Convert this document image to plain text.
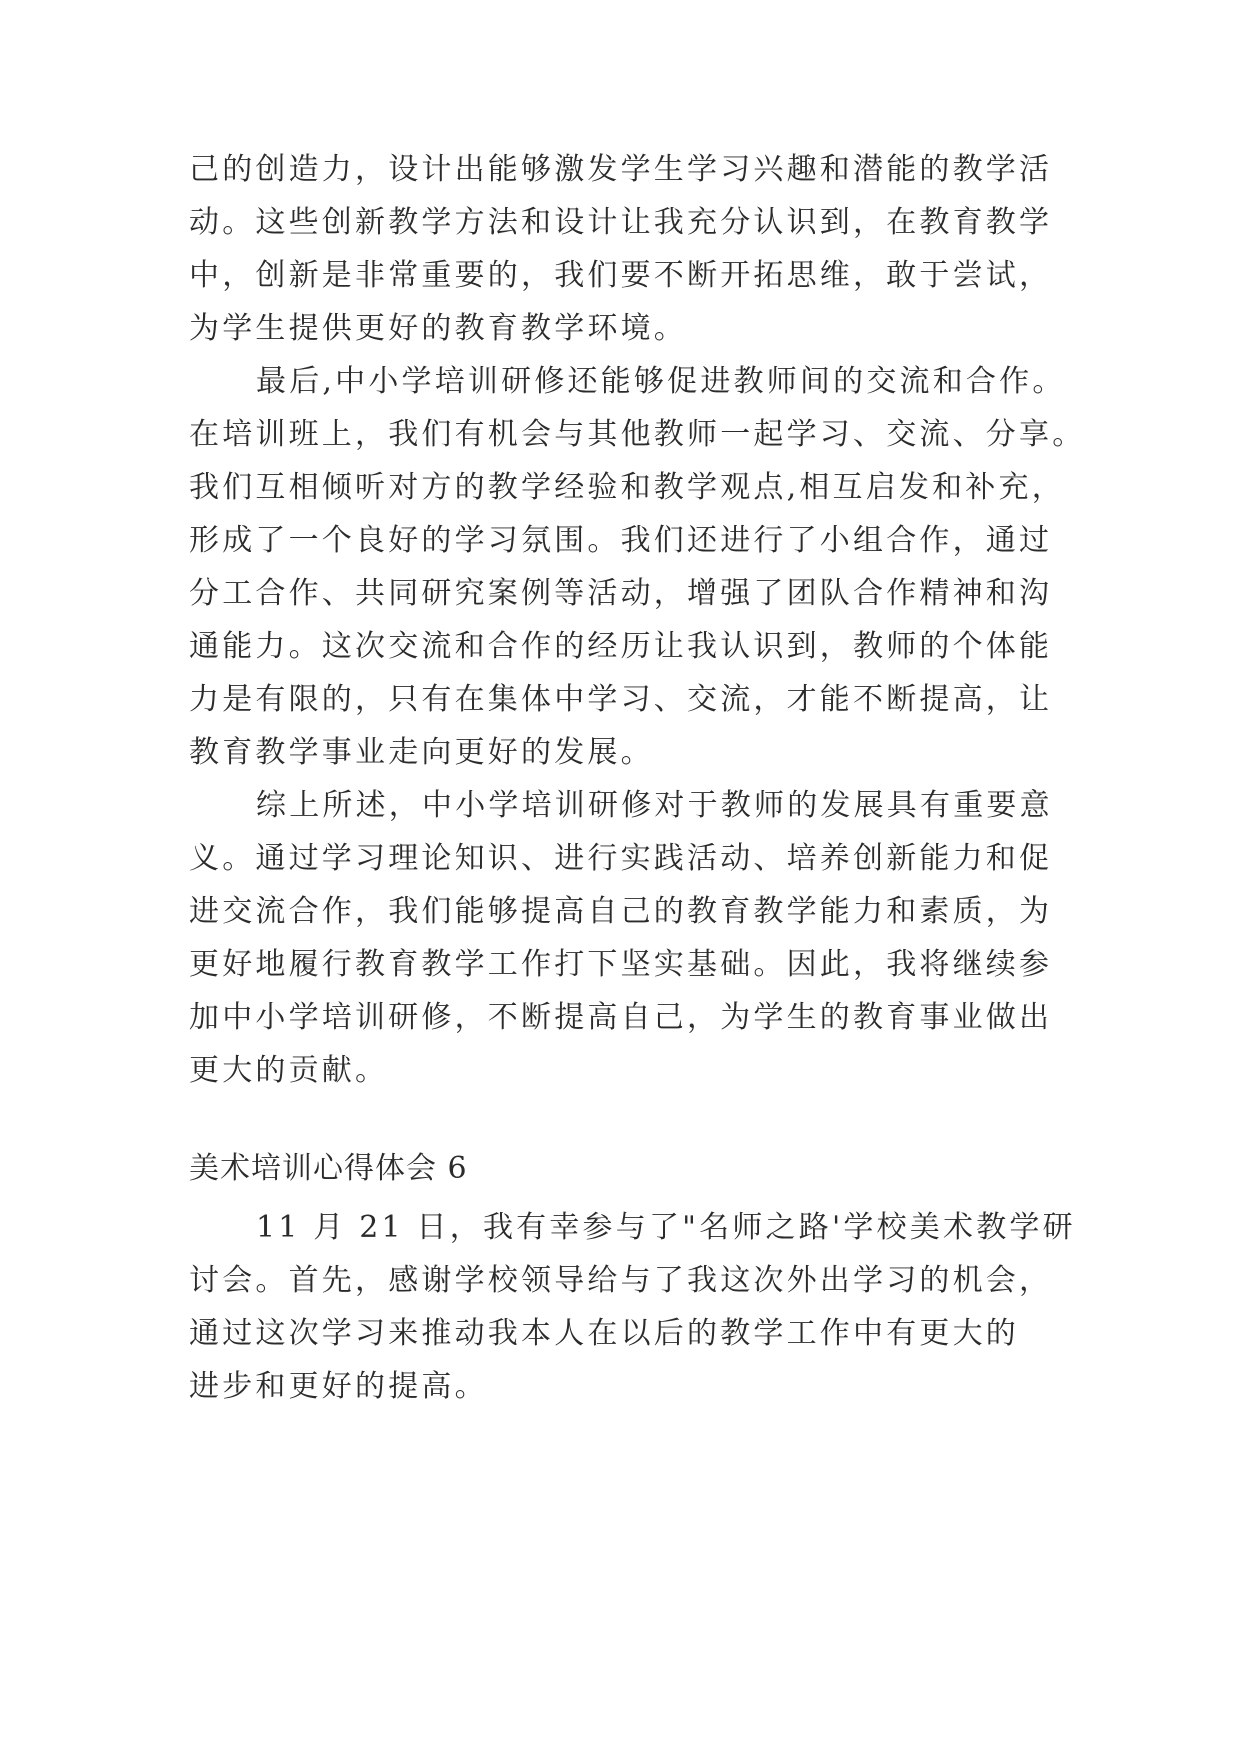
己的创造力，设计出能够激发学生学习兴趣和潜能的教学活

动。这些创新教学方法和设计让我充分认识到，在教育教学

中，创新是非常重要的，我们要不断开拓思维，敢于尝试，

为学生提供更好的教育教学环境。

最后,中小学培训研修还能够促进教师间的交流和合作。

在培训班上，我们有机会与其他教师一起学习、交流、分享。

我们互相倾听对方的教学经验和教学观点,相互启发和补充，

形成了一个良好的学习氛围。我们还进行了小组合作，通过

分工合作、共同研究案例等活动，增强了团队合作精神和沟

通能力。这次交流和合作的经历让我认识到，教师的个体能

力是有限的，只有在集体中学习、交流，才能不断提高，让

教育教学事业走向更好的发展。

综上所述，中小学培训研修对于教师的发展具有重要意

义。通过学习理论知识、进行实践活动、培养创新能力和促

进交流合作，我们能够提高自己的教育教学能力和素质，为

更好地履行教育教学工作打下坚实基础。因此，我将继续参

加中小学培训研修，不断提高自己，为学生的教育事业做出

更大的贡献。

美术培训心得体会 6

11 月 21 日，我有幸参与了"名师之路'学校美术教学研

讨会。首先，感谢学校领导给与了我这次外出学习的机会，

通过这次学习来推动我本人在以后的教学工作中有更大的

进步和更好的提高。
